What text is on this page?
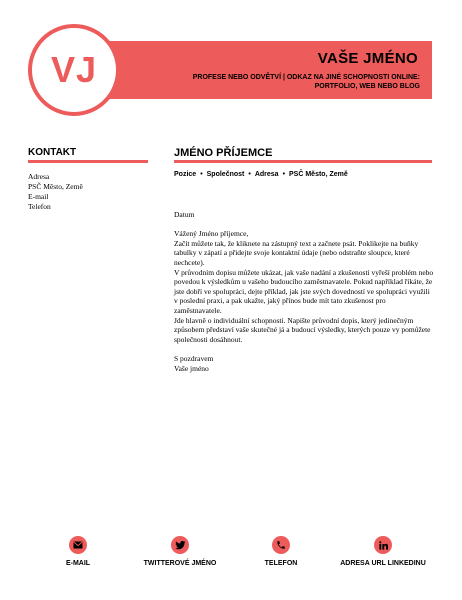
VAŠE JMÉNO
PROFESE NEBO ODVĚTVÍ | ODKAZ NA JINÉ SCHOPNOSTI ONLINE:
PORTFOLIO, WEB NEBO BLOG
VJ
KONTAKT
Adresa
PSČ Město, Země
E-mail
Telefon
JMÉNO PŘÍJEMCE
Pozice • Společnost • Adresa • PSČ Město, Země

Datum

Vážený Jméno příjemce,

Začít můžete tak, že kliknete na zástupný text a začnete psát. Poklikejte na buňky tabulky v zápatí a přidejte svoje kontaktní údaje (nebo odstraňte sloupce, které nechcete).

V průvodním dopisu můžete ukázat, jak vaše nadání a zkušenosti vyřeší problém nebo povedou k výsledkům u vašeho budoucího zaměstnavatele. Pokud například říkáte, že jste dobří ve spolupráci, dejte příklad, jak jste svých dovedností ve spolupráci využili v poslední praxi, a pak ukažte, jaký přínos bude mít tato zkušenost pro zaměstnavatele.

Jde hlavně o individuální schopnosti. Napište průvodní dopis, který jedinečným způsobem představí vaše skutečné já a budoucí výsledky, kterých pouze vy pomůžete společnosti dosáhnout.

S pozdravem

Vaše jméno

E-MAIL	TWITTEROVÉ JMÉNO	TELEFON	ADRESA URL LINKEDINU
